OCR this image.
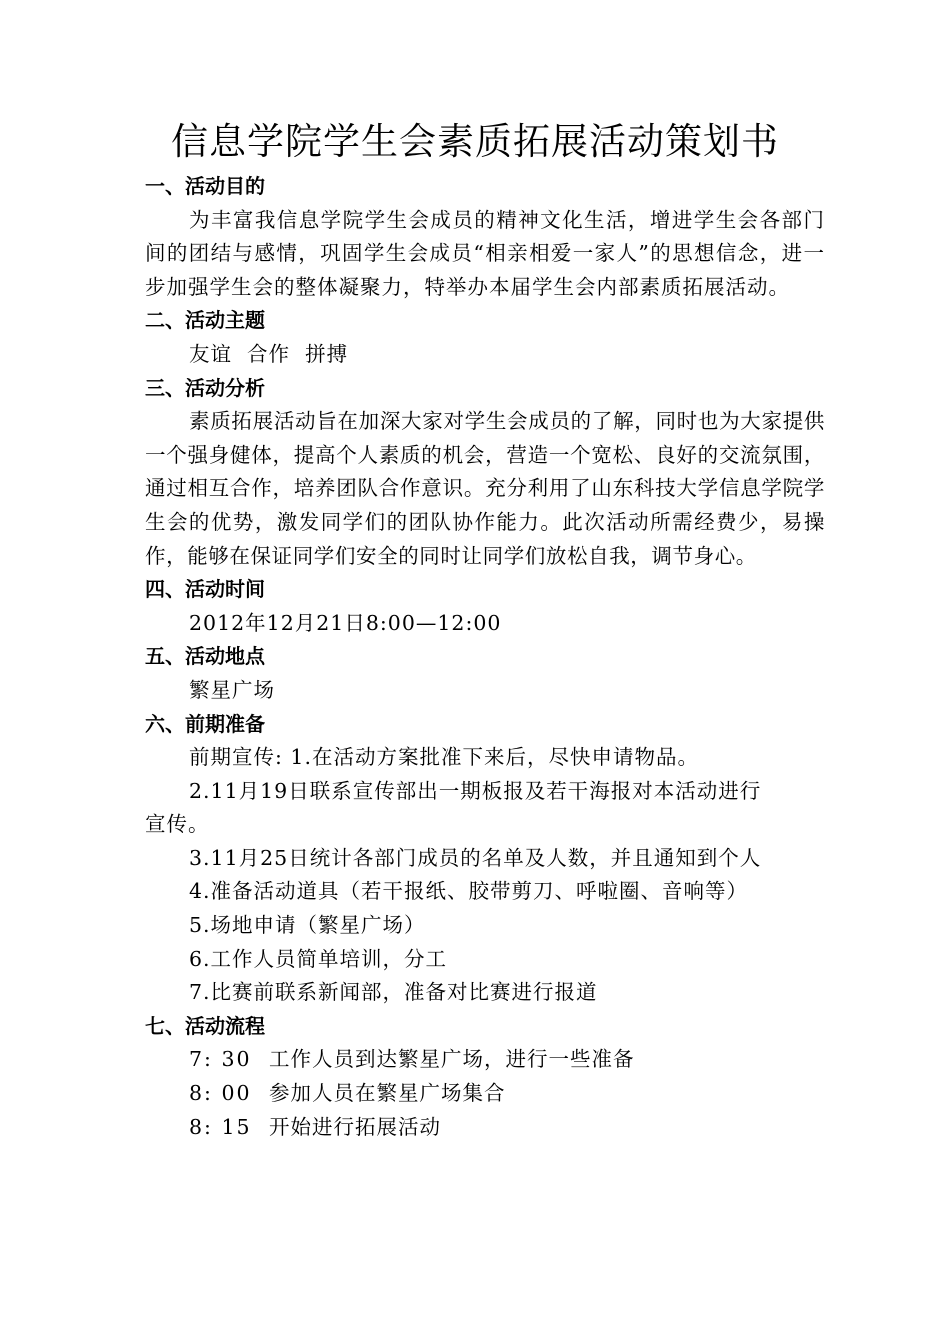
信息学院学生会素质拓展活动策划书
一、活动目的
为丰富我信息学院学生会成员的精神文化生活，增进学生会各部门间的团结与感情，巩固学生会成员“相亲相爱一家人”的思想信念，进一步加强学生会的整体凝聚力，特举办本届学生会内部素质拓展活动。
二、活动主题
友谊  合作  拼搏
三、活动分析
素质拓展活动旨在加深大家对学生会成员的了解，同时也为大家提供一个强身健体，提高个人素质的机会，营造一个宽松、良好的交流氛围，通过相互合作，培养团队合作意识。充分利用了山东科技大学信息学院学生会的优势，激发同学们的团队协作能力。此次活动所需经费少，易操作，能够在保证同学们安全的同时让同学们放松自我，调节身心。
四、活动时间
2012年12月21日8:00—12:00
五、活动地点
繁星广场
六、前期准备
前期宣传: 1.在活动方案批准下来后，尽快申请物品。
2.11月19日联系宣传部出一期板报及若干海报对本活动进行宣传。
3.11月25日统计各部门成员的名单及人数，并且通知到个人
4.准备活动道具（若干报纸、胶带剪刀、呼啦圈、音响等）
5.场地申请（繁星广场）
6.工作人员简单培训，分工
7.比赛前联系新闻部，准备对比赛进行报道
七、活动流程
7: 30 工作人员到达繁星广场，进行一些准备
8: 00 参加人员在繁星广场集合
8: 15 开始进行拓展活动
